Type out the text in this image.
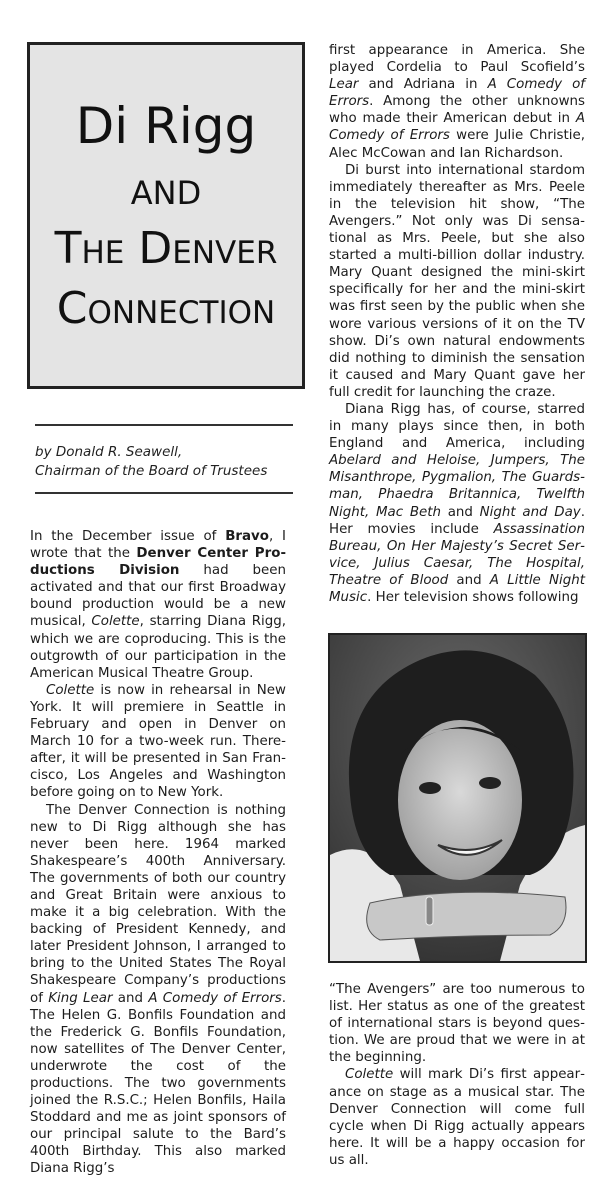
Di Rigg
and
The Denver
Connection
by Donald R. Seawell,
Chairman of the Board of Trustees

In the December issue of Bravo, I wrote that the Denver Center Productions Division had been activated and that our first Broadway bound production would be a new musical, Colette, starring Diana Rigg, which we are coproducing. This is the outgrowth of our participation in the American Musical Theatre Group.

Colette is now in rehearsal in New York. It will premiere in Seattle in February and open in Denver on March 10 for a two-week run. Thereafter, it will be presented in San Francisco, Los Angeles and Washington before going on to New York.

The Denver Connection is nothing new to Di Rigg although she has never been here. 1964 marked Shakespeare’s 400th Anniversary. The governments of both our country and Great Britain were anxious to make it a big celebration. With the backing of President Kennedy, and later President Johnson, I arranged to bring to the United States The Royal Shakespeare Company’s productions of King Lear and A Comedy of Errors. The Helen G. Bonfils Foundation and the Frederick G. Bonfils Foundation, now satellites of The Denver Center, underwrote the cost of the productions. The two governments joined the R.S.C.; Helen Bonfils, Haila Stoddard and me as joint sponsors of our principal salute to the Bard’s 400th Birthday. This also marked Diana Rigg’s

first appearance in America. She played Cordelia to Paul Scofield’s Lear and Adriana in A Comedy of Errors. Among the other unknowns who made their American debut in A Comedy of Errors were Julie Christie, Alec McCowan and Ian Richardson.

Di burst into international stardom immediately thereafter as Mrs. Peele in the television hit show, “The Avengers.” Not only was Di sensational as Mrs. Peele, but she also started a multi-billion dollar industry. Mary Quant designed the mini-skirt specifically for her and the mini-skirt was first seen by the public when she wore various versions of it on the TV show. Di’s own natural endowments did nothing to diminish the sensation it caused and Mary Quant gave her full credit for launching the craze.

Diana Rigg has, of course, starred in many plays since then, in both England and America, including Abelard and Heloise, Jumpers, The Misanthrope, Pygmalion, The Guardsman, Phaedra Britannica, Twelfth Night, Mac Beth and Night and Day. Her movies include Assassination Bureau, On Her Majesty’s Secret Service, Julius Caesar, The Hospital, Theatre of Blood and A Little Night Music. Her television shows following

“The Avengers” are too numerous to list. Her status as one of the greatest of international stars is beyond question. We are proud that we were in at the beginning.

Colette will mark Di’s first appearance on stage as a musical star. The Denver Connection will come full cycle when Di Rigg actually appears here. It will be a happy occasion for us all.
